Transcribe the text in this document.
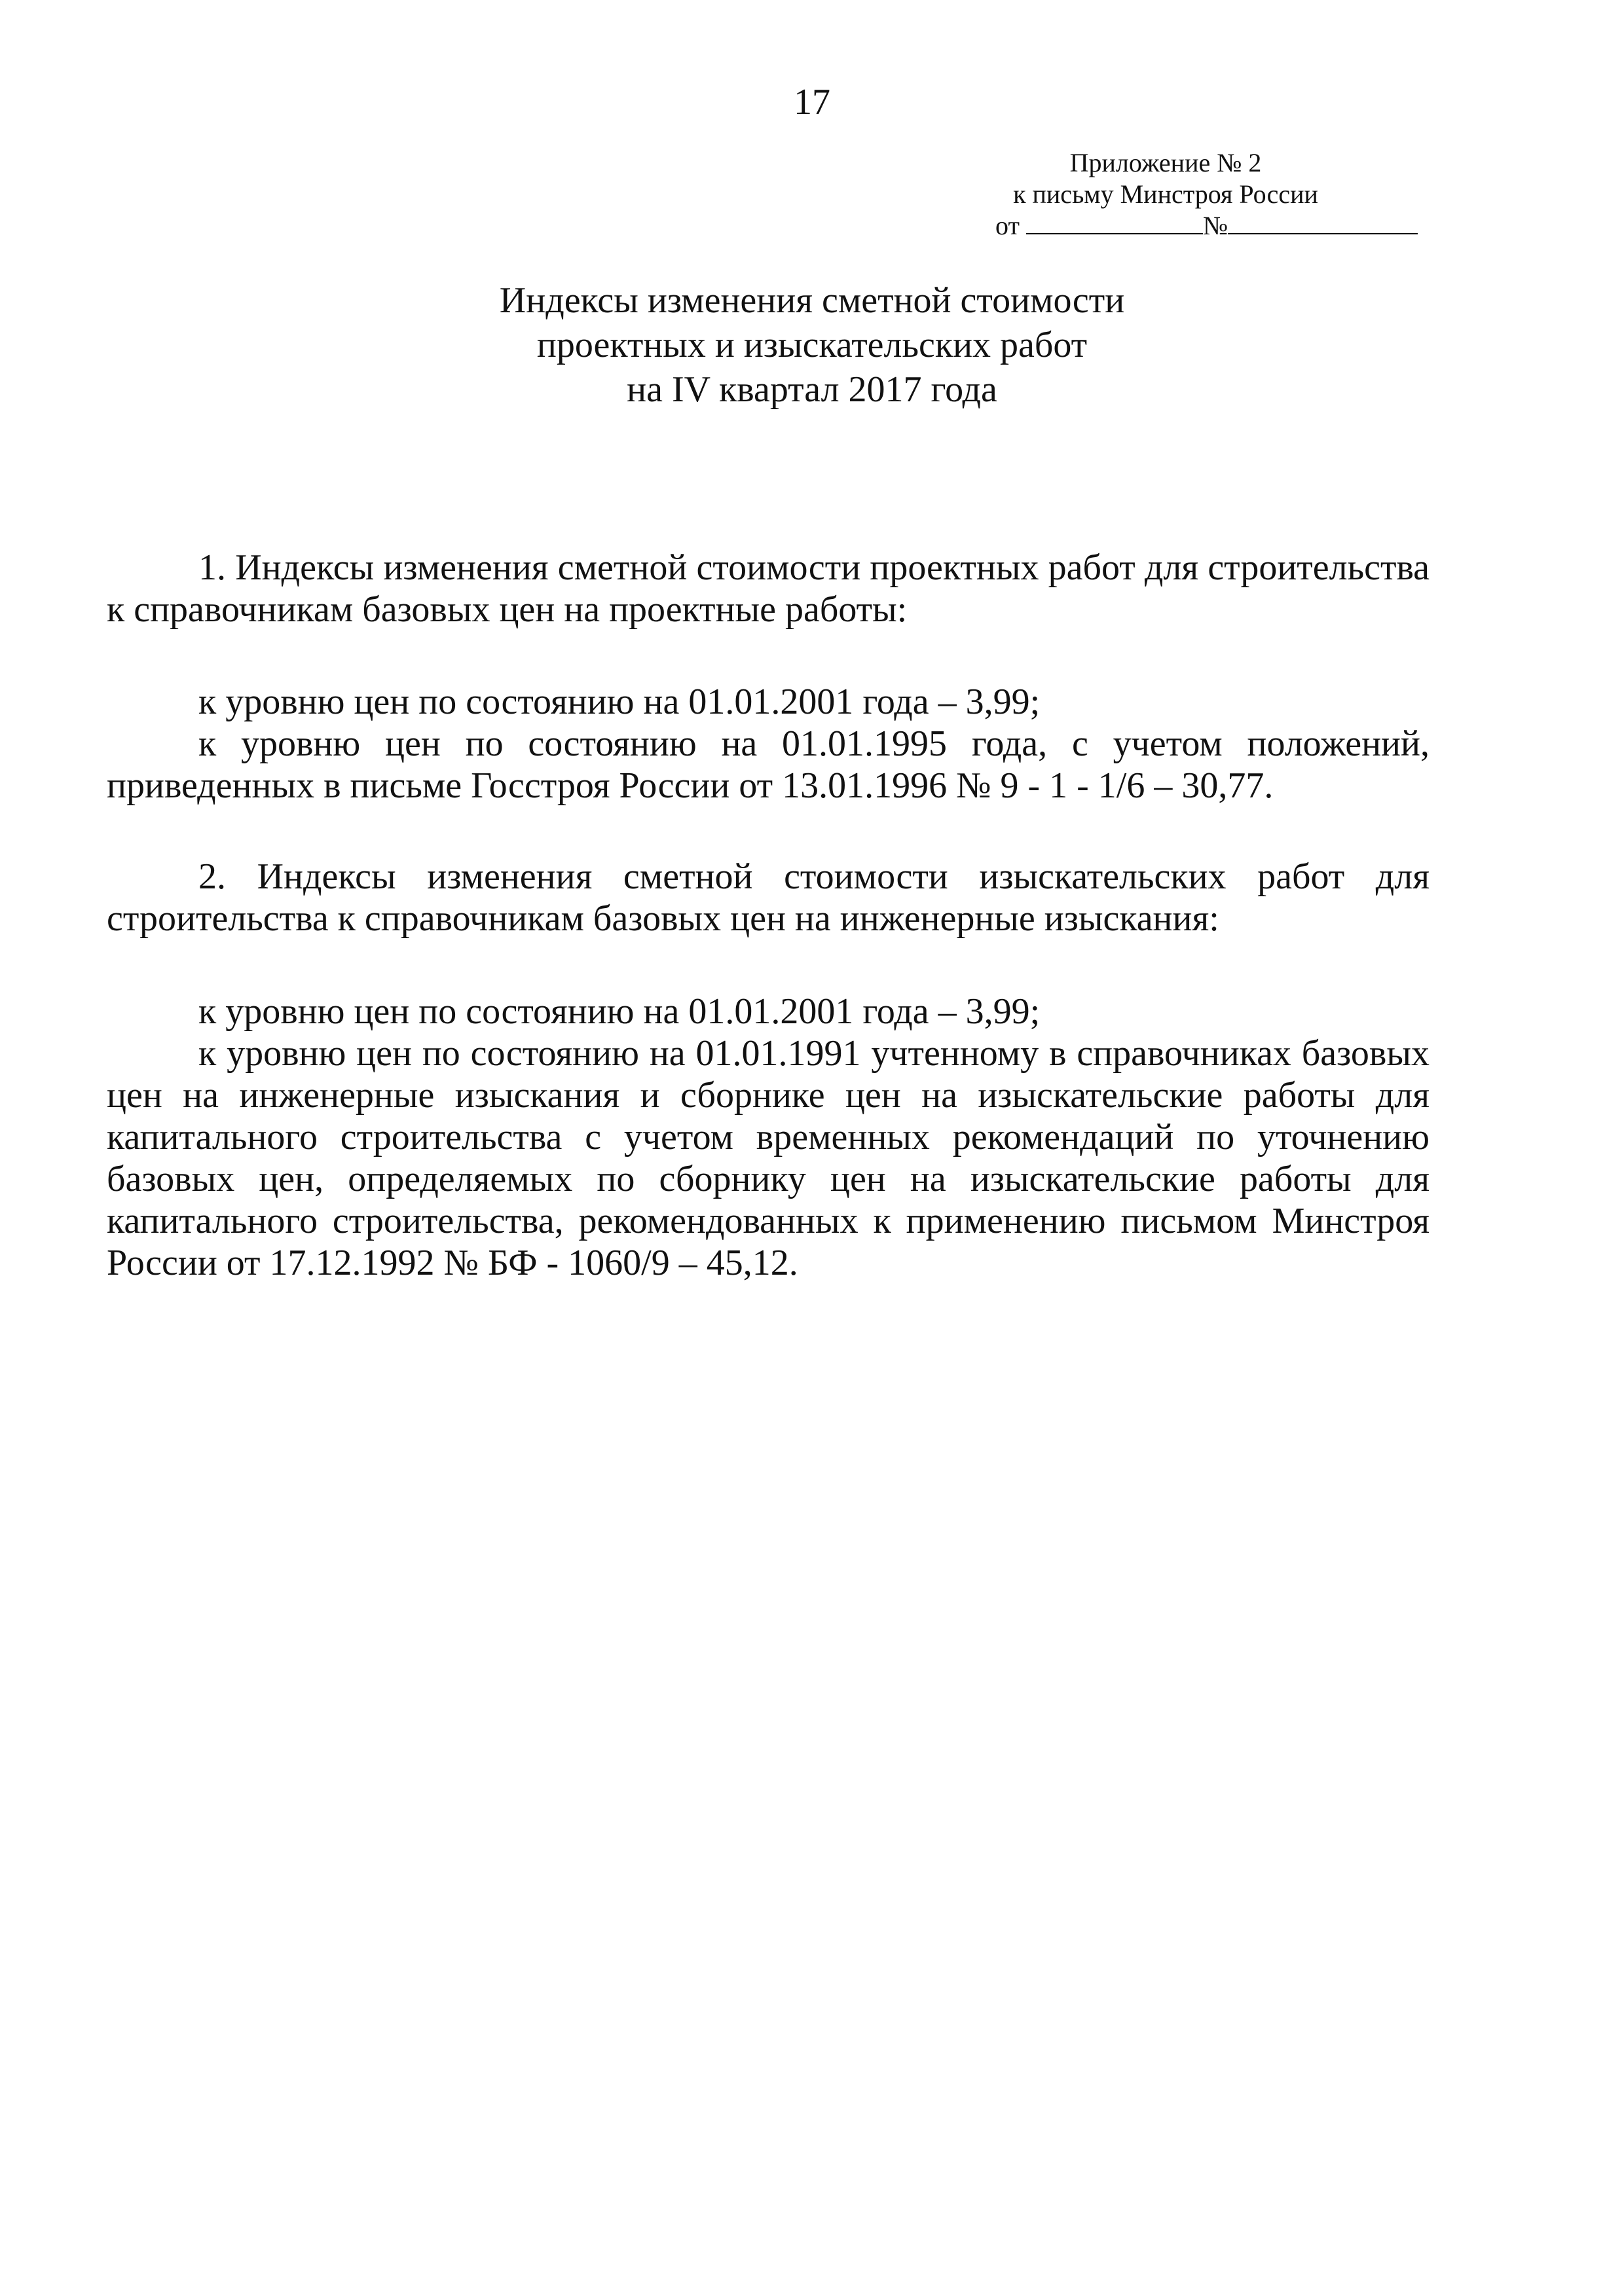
17
Приложение № 2
к письму Минстроя России
от	№
Индексы изменения сметной стоимости
проектных и изыскательских работ
на IV квартал 2017 года

1. Индексы изменения сметной стоимости проектных работ для строительства к справочникам базовых цен на проектные работы:

к уровню цен по состоянию на 01.01.2001 года – 3,99;

к уровню цен по состоянию на 01.01.1995 года, с учетом положений, приведенных в письме Госстроя России от 13.01.1996 № 9 - 1 - 1/6 – 30,77.

2. Индексы изменения сметной стоимости изыскательских работ для строительства к справочникам базовых цен на инженерные изыскания:

к уровню цен по состоянию на 01.01.2001 года – 3,99;

к уровню цен по состоянию на 01.01.1991 учтенному в справочниках базовых цен на инженерные изыскания и сборнике цен на изыскательские работы для капитального строительства с учетом временных рекомендаций по уточнению базовых цен, определяемых по сборнику цен на изыскательские работы для капитального строительства, рекомендованных к применению письмом Минстроя России от 17.12.1992 № БФ - 1060/9 – 45,12.
